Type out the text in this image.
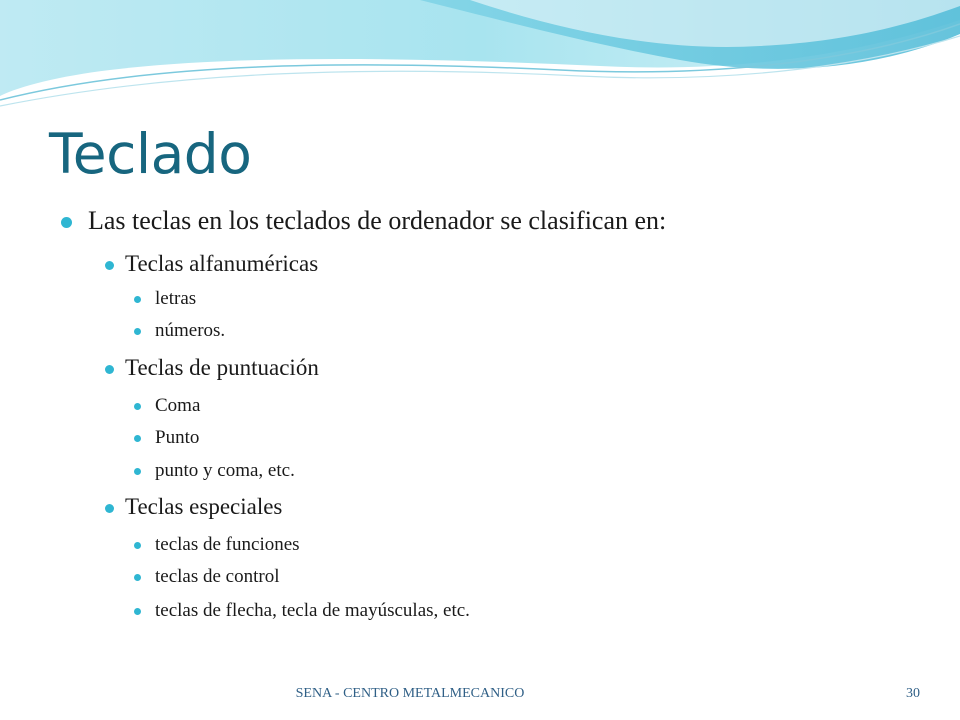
Teclado
Las teclas en los teclados de ordenador se clasifican en:
Teclas alfanuméricas
letras
números.
Teclas de puntuación
Coma
Punto
punto y coma, etc.
Teclas especiales
teclas de funciones
teclas de control
teclas de flecha, tecla de mayúsculas, etc.
SENA - CENTRO METALMECANICO	30
